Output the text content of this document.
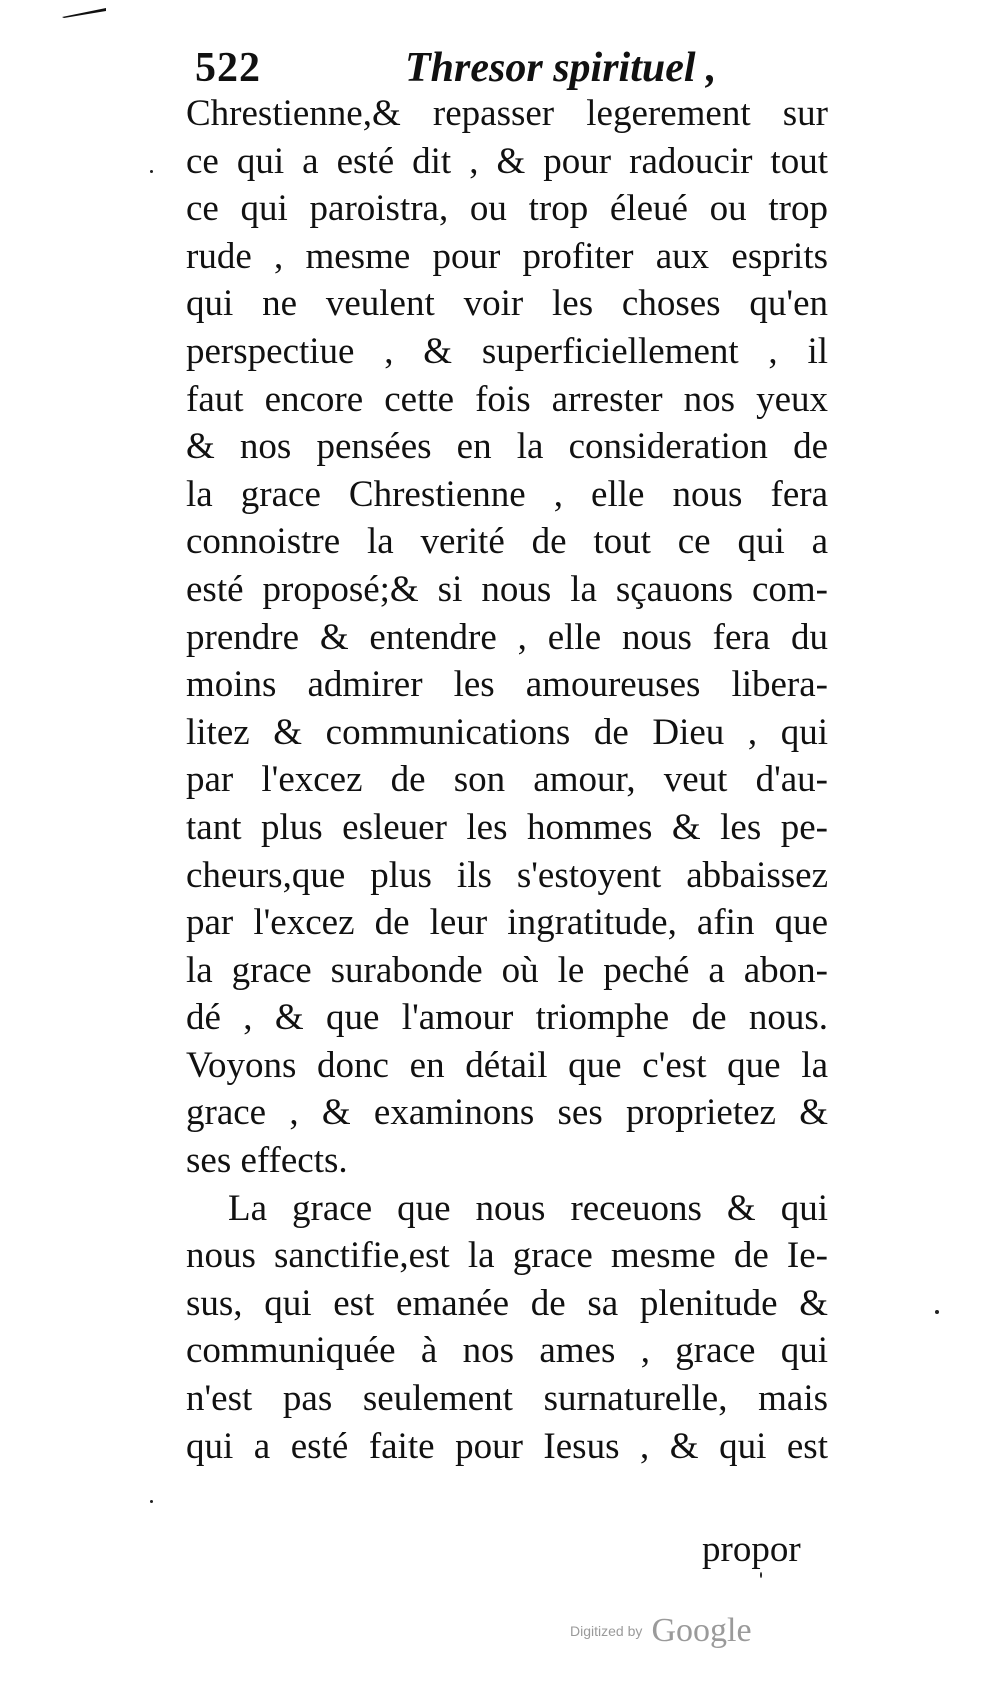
522	Thresor spirituel ,
Chrestienne,& repasser legerement sur
ce qui a esté dit , & pour radoucir tout
ce qui paroistra, ou trop éleué ou trop
rude , mesme pour profiter aux esprits
qui ne veulent voir les choses qu'en
perspectiue , & superficiellement , il
faut encore cette fois arrester nos yeux
& nos pensées en la consideration de
la grace Chrestienne , elle nous fera
connoistre la verité de tout ce qui a
esté proposé;& si nous la sçauons com-
prendre & entendre , elle nous fera du
moins admirer les amoureuses libera-
litez & communications de Dieu , qui
par l'excez de son amour, veut d'au-
tant plus esleuer les hommes & les pe-
cheurs,que plus ils s'estoyent abbaissez
par l'excez de leur ingratitude, afin que
la grace surabonde où le peché a abon-
dé , & que l'amour triomphe de nous.
Voyons donc en détail que c'est que la
grace , & examinons ses proprietez &
ses effects.
La grace que nous receuons & qui
nous sanctifie,est la grace mesme de Ie-
sus, qui est emanée de sa plenitude &
communiquée à nos ames , grace qui
n'est pas seulement surnaturelle, mais
qui a esté faite pour Iesus , & qui est
propor
Digitized by Google
